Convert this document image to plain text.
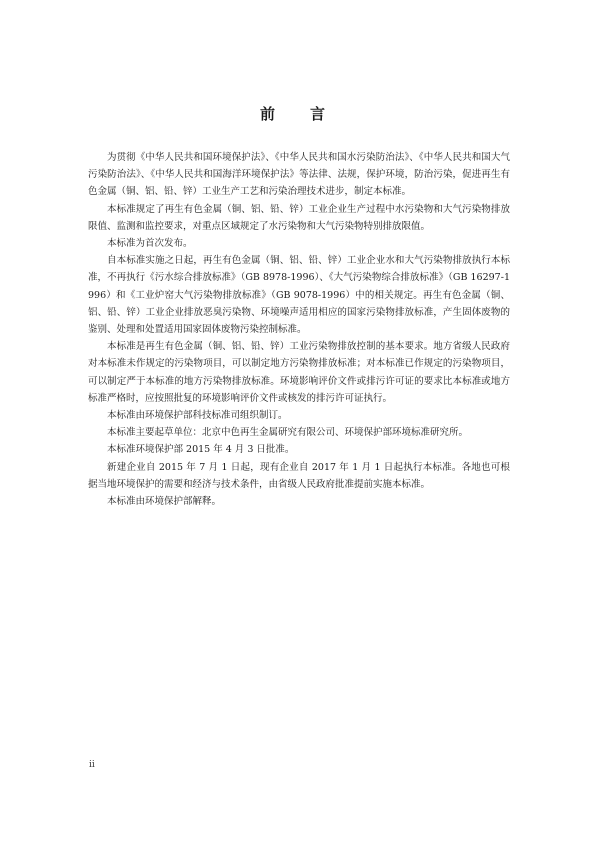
前　言

为贯彻《中华人民共和国环境保护法》、《中华人民共和国水污染防治法》、《中华人民共和国大气污染防治法》、《中华人民共和国海洋环境保护法》等法律、法规，保护环境，防治污染，促进再生有色金属（铜、铝、铅、锌）工业生产工艺和污染治理技术进步，制定本标准。

本标准规定了再生有色金属（铜、铝、铅、锌）工业企业生产过程中水污染物和大气污染物排放限值、监测和监控要求，对重点区域规定了水污染物和大气污染物特别排放限值。

本标准为首次发布。

自本标准实施之日起，再生有色金属（铜、铝、铅、锌）工业企业水和大气污染物排放执行本标准，不再执行《污水综合排放标准》（GB 8978-1996）、《大气污染物综合排放标准》（GB 16297-1996）和《工业炉窑大气污染物排放标准》（GB 9078-1996）中的相关规定。再生有色金属（铜、铝、铅、锌）工业企业排放恶臭污染物、环境噪声适用相应的国家污染物排放标准，产生固体废物的鉴别、处理和处置适用国家固体废物污染控制标准。

本标准是再生有色金属（铜、铝、铅、锌）工业污染物排放控制的基本要求。地方省级人民政府对本标准未作规定的污染物项目，可以制定地方污染物排放标准；对本标准已作规定的污染物项目，可以制定严于本标准的地方污染物排放标准。环境影响评价文件或排污许可证的要求比本标准或地方标准严格时，应按照批复的环境影响评价文件或核发的排污许可证执行。

本标准由环境保护部科技标准司组织制订。

本标准主要起草单位：北京中色再生金属研究有限公司、环境保护部环境标准研究所。

本标准环境保护部 2015 年 4 月 3 日批准。

新建企业自 2015 年 7 月 1 日起，现有企业自 2017 年 1 月 1 日起执行本标准。各地也可根据当地环境保护的需要和经济与技术条件，由省级人民政府批准提前实施本标准。

本标准由环境保护部解释。

ii
